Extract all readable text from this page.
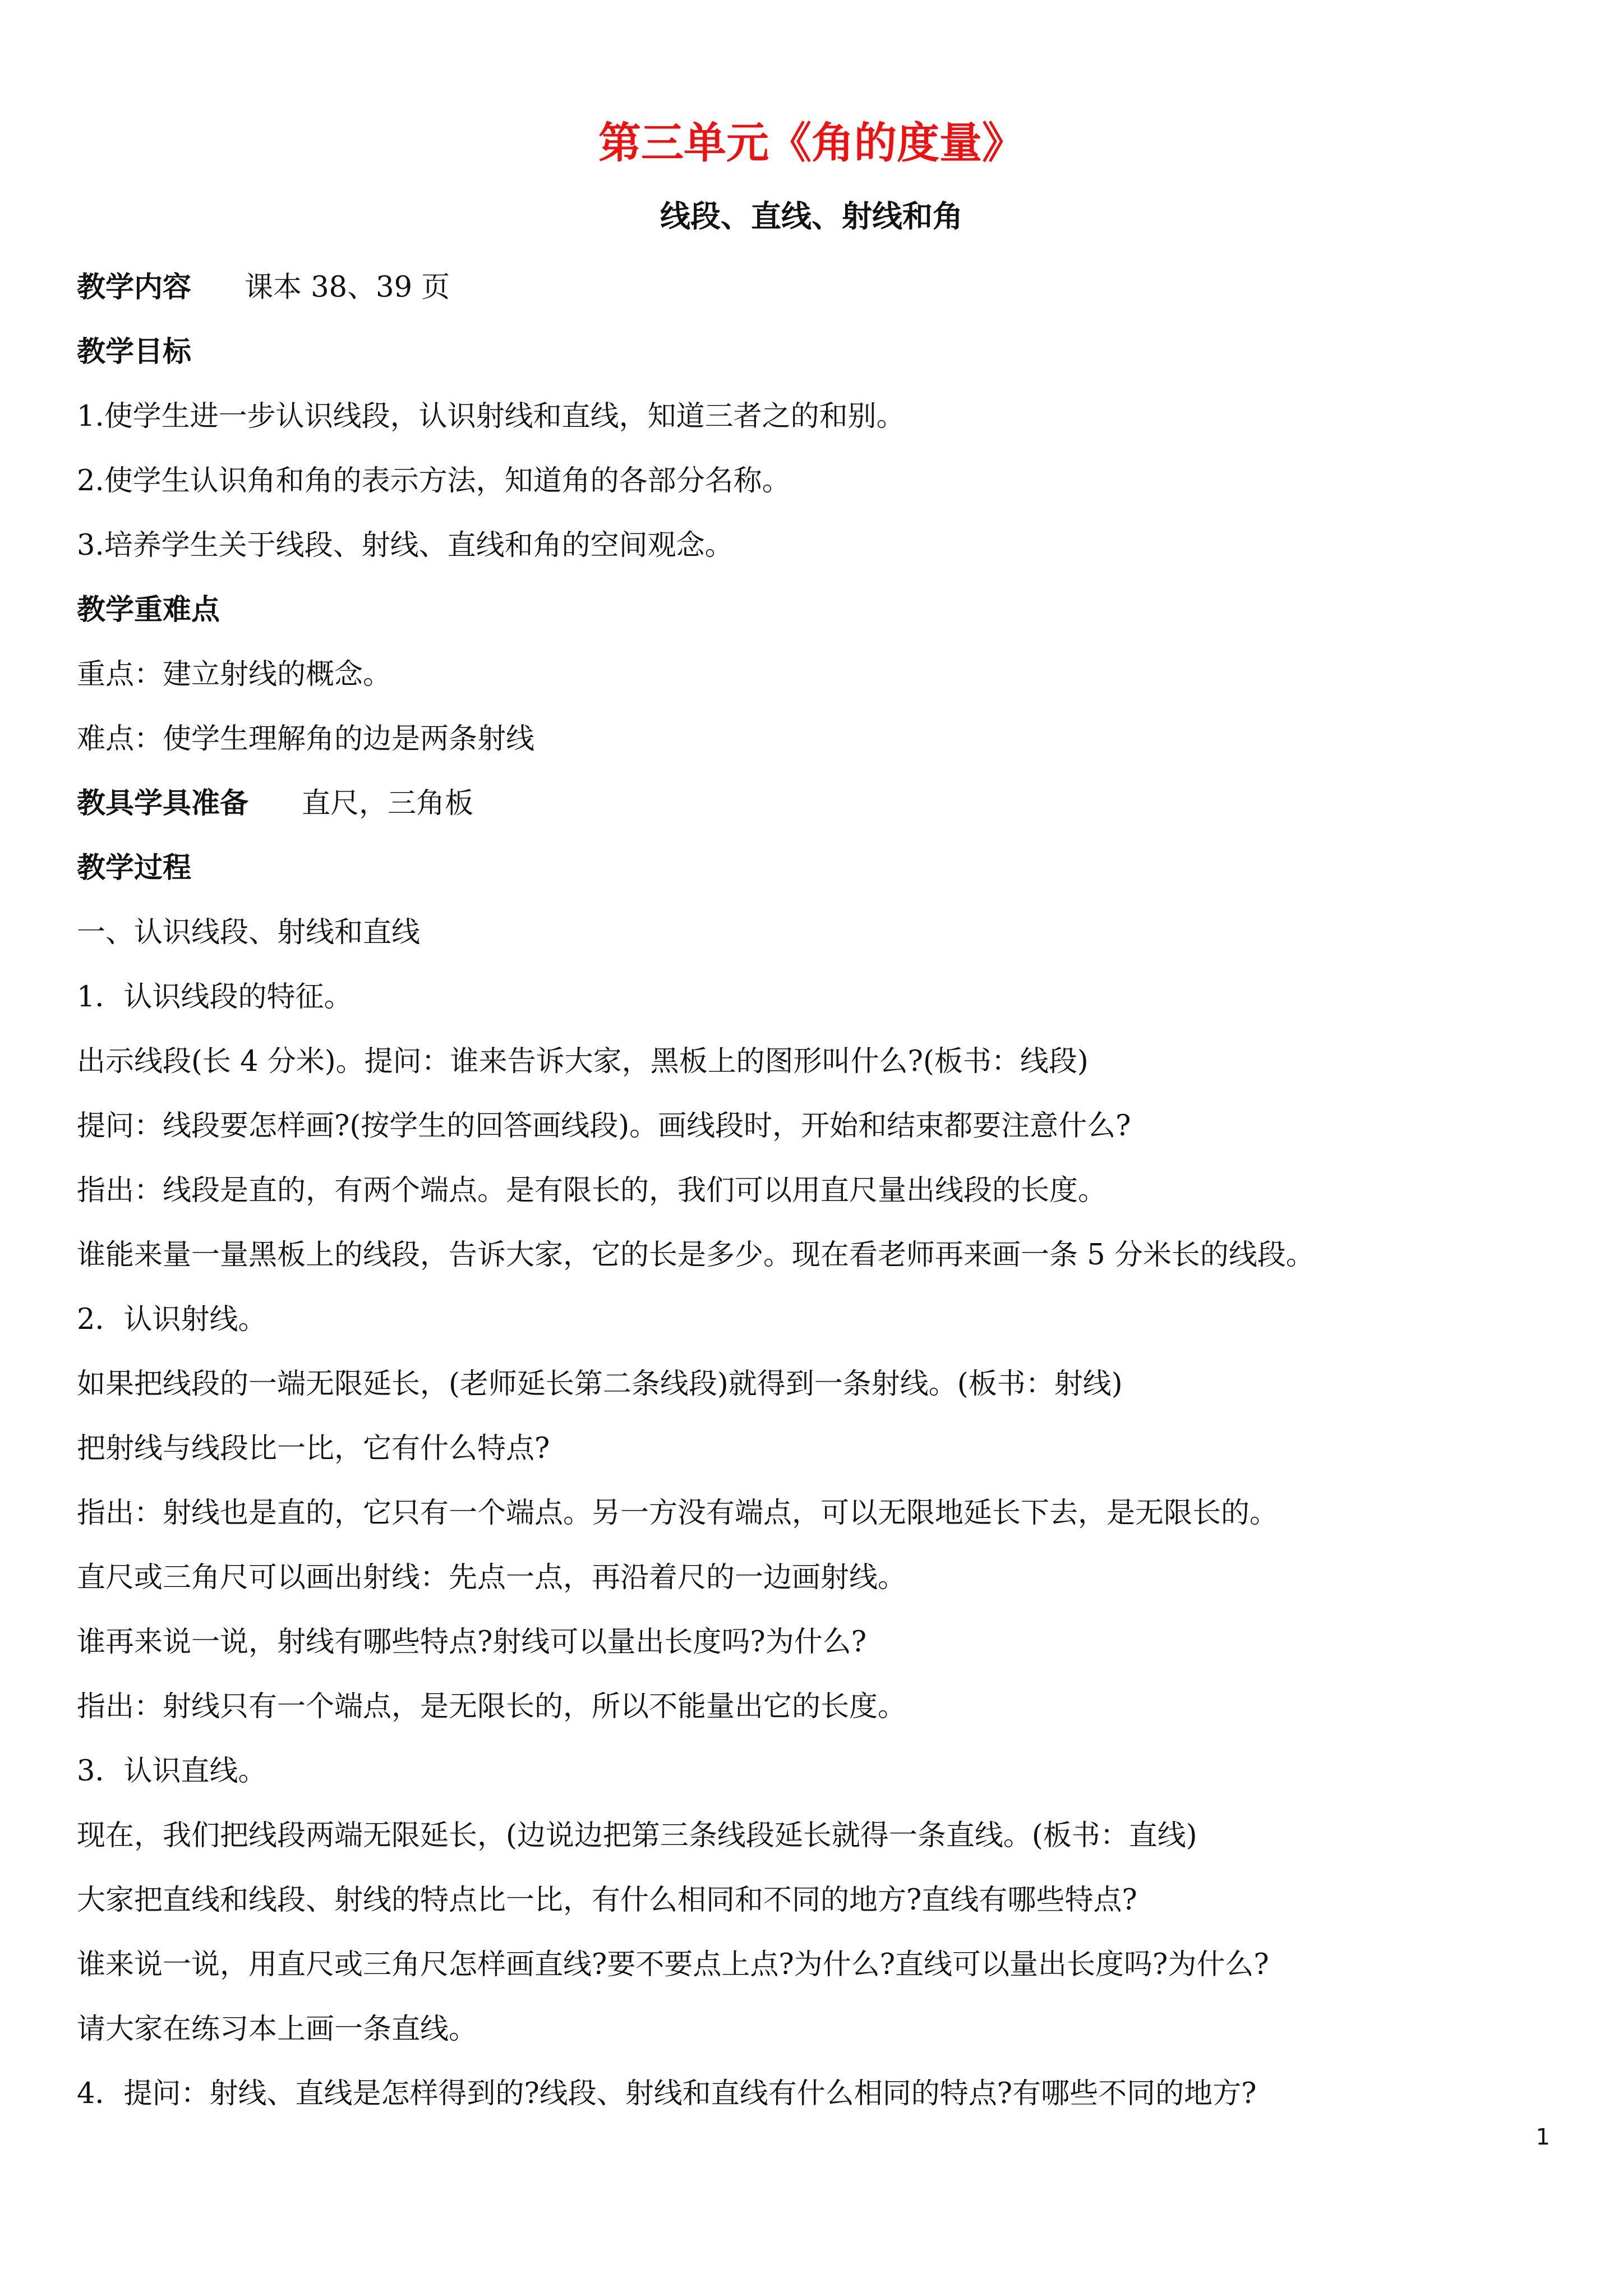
第三单元《角的度量》
线段、直线、射线和角
教学内容 课本 38、39 页
教学目标
1.使学生进一步认识线段，认识射线和直线，知道三者之的和别。
2.使学生认识角和角的表示方法，知道角的各部分名称。
3.培养学生关于线段、射线、直线和角的空间观念。
教学重难点
重点：建立射线的概念。
难点：使学生理解角的边是两条射线
教具学具准备 直尺，三角板
教学过程
一、认识线段、射线和直线
1．认识线段的特征。
出示线段(长 4 分米)。提问：谁来告诉大家，黑板上的图形叫什么?(板书：线段)
提问：线段要怎样画?(按学生的回答画线段)。画线段时，开始和结束都要注意什么?
指出：线段是直的，有两个端点。是有限长的，我们可以用直尺量出线段的长度。
谁能来量一量黑板上的线段，告诉大家，它的长是多少。现在看老师再来画一条 5 分米长的线段。
2．认识射线。
如果把线段的一端无限延长，(老师延长第二条线段)就得到一条射线。(板书：射线)
把射线与线段比一比，它有什么特点?
指出：射线也是直的，它只有一个端点。另一方没有端点，可以无限地延长下去，是无限长的。
直尺或三角尺可以画出射线：先点一点，再沿着尺的一边画射线。
谁再来说一说，射线有哪些特点?射线可以量出长度吗?为什么?
指出：射线只有一个端点，是无限长的，所以不能量出它的长度。
3．认识直线。
现在，我们把线段两端无限延长，(边说边把第三条线段延长就得一条直线。(板书：直线)
大家把直线和线段、射线的特点比一比，有什么相同和不同的地方?直线有哪些特点?
谁来说一说，用直尺或三角尺怎样画直线?要不要点上点?为什么?直线可以量出长度吗?为什么?
请大家在练习本上画一条直线。
4．提问：射线、直线是怎样得到的?线段、射线和直线有什么相同的特点?有哪些不同的地方?
1
